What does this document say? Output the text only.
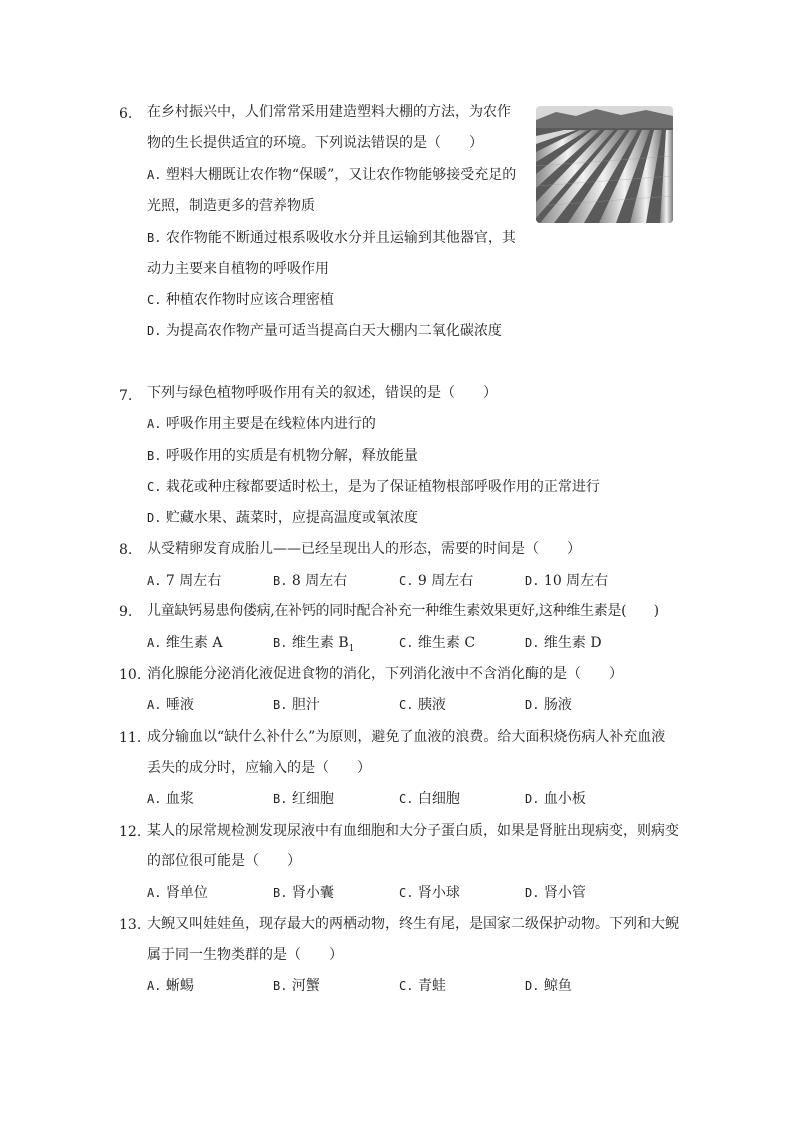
6.	在乡村振兴中，人们常常采用建造塑料大棚的方法，为农作
物的生长提供适宜的环境。下列说法错误的是（　　）
A. 塑料大棚既让农作物“保暖”，又让农作物能够接受充足的
光照，制造更多的营养物质
B. 农作物能不断通过根系吸收水分并且运输到其他器官，其
动力主要来自植物的呼吸作用
C. 种植农作物时应该合理密植
D. 为提高农作物产量可适当提高白天大棚内二氧化碳浓度
7.	下列与绿色植物呼吸作用有关的叙述，错误的是（　　）
A. 呼吸作用主要是在线粒体内进行的
B. 呼吸作用的实质是有机物分解，释放能量
C. 栽花或种庄稼都要适时松土，是为了保证植物根部呼吸作用的正常进行
D. 贮藏水果、蔬菜时，应提高温度或氧浓度
8.	从受精卵发育成胎儿——已经呈现出人的形态，需要的时间是（　　）
A. 7 周左右	B. 8 周左右	C. 9 周左右	D. 10 周左右
9.	儿童缺钙易患佝偻病,在补钙的同时配合补充一种维生素效果更好,这种维生素是(　　)
A. 维生素 A	B. 维生素 $B_1$	C. 维生素 C	D. 维生素 D
10. 消化腺能分泌消化液促进食物的消化，下列消化液中不含消化酶的是（　　）
A. 唾液	B. 胆汁	C. 胰液	D. 肠液
11. 成分输血以“缺什么补什么”为原则，避免了血液的浪费。给大面积烧伤病人补充血液
丢失的成分时，应输入的是（　　）
A. 血浆	B. 红细胞	C. 白细胞	D. 血小板
12. 某人的尿常规检测发现尿液中有血细胞和大分子蛋白质，如果是肾脏出现病变，则病变
的部位很可能是（　　）
A. 肾单位	B. 肾小囊	C. 肾小球	D. 肾小管
13. 大鲵又叫娃娃鱼，现存最大的两栖动物，终生有尾，是国家二级保护动物。下列和大鲵
属于同一生物类群的是（　　）
A. 蜥蜴	B. 河蟹	C. 青蛙	D. 鲸鱼
